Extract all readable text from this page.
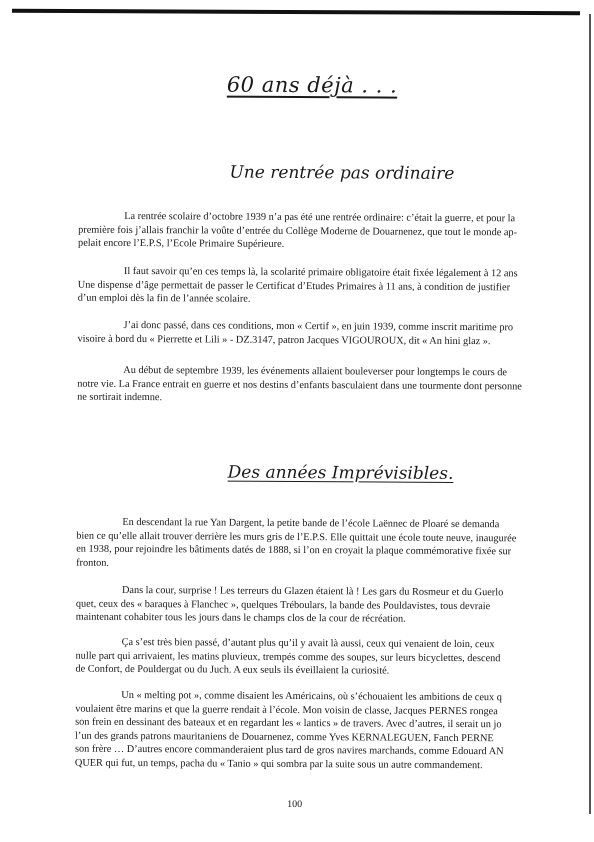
60 ans déjà . . .
Une rentrée pas ordinaire

La rentrée scolaire d’octobre 1939 n’a pas été une rentrée ordinaire: c’était la guerre, et pour la
première fois j’allais franchir la voûte d’entrée du Collège Moderne de Douarnenez, que tout le monde ap-
pelait encore l’E.P.S, l’Ecole Primaire Supérieure.

Il faut savoir qu’en ces temps là, la scolarité primaire obligatoire était fixée légalement à 12 ans
Une dispense d’âge permettait de passer le Certificat d’Etudes Primaires à 11 ans, à condition de justifier
d’un emploi dès la fin de l’année scolaire.

J’ai donc passé, dans ces conditions, mon « Certif », en juin 1939, comme inscrit maritime pro
visoire à bord du « Pierrette et Lili » - DZ.3147, patron Jacques VIGOUROUX, dit « An hini glaz ».

Au début de septembre 1939, les événements allaient bouleverser pour longtemps le cours de
notre vie. La France entrait en guerre et nos destins d’enfants basculaient dans une tourmente dont personne
ne sortirait indemne.

Des années Imprévisibles.

En descendant la rue Yan Dargent, la petite bande de l’école Laënnec de Ploaré se demanda
bien ce qu’elle allait trouver derrière les murs gris de l’E.P.S. Elle quittait une école toute neuve, inaugurée
en 1938, pour rejoindre les bâtiments datés de 1888, si l’on en croyait la plaque commémorative fixée sur
fronton.

Dans la cour, surprise ! Les terreurs du Glazen étaient là ! Les gars du Rosmeur et du Guerlo
quet, ceux des « baraques à Flanchec », quelques Tréboulars, la bande des Pouldavistes, tous devraie
maintenant cohabiter tous les jours dans le champs clos de la cour de récréation.

Ça s’est très bien passé, d’autant plus qu’il y avait là aussi, ceux qui venaient de loin, ceux
nulle part qui arrivaient, les matins pluvieux, trempés comme des soupes, sur leurs bicyclettes, descend
de Confort, de Pouldergat ou du Juch. A eux seuls ils éveillaient la curiosité.

Un « melting pot », comme disaient les Américains, où s’échouaient les ambitions de ceux q
voulaient être marins et que la guerre rendait à l’école. Mon voisin de classe, Jacques PERNES rongea
son frein en dessinant des bateaux et en regardant les « lantics » de travers. Avec d’autres, il serait un jo
l’un des grands patrons mauritaniens de Douarnenez, comme Yves KERNALEGUEN, Fanch PERNE
son frère … D’autres encore commanderaient plus tard de gros navires marchands, comme Edouard AN
QUER qui fut, un temps, pacha du « Tanio » qui sombra par la suite sous un autre commandement.

100
